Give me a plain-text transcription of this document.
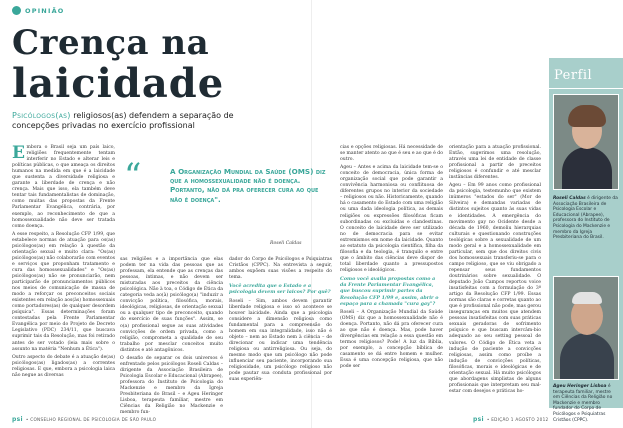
OPINIÃO
Crença na
laicidade
Psicólogos(as) religiosos(as) defendem a separação de concepções privadas no exercício profissional

Embora o Brasil seja um país laico, religiões frequentemente tentam interferir no Estado e alterar leis e políticas públicas, o que ameaça os direitos humanos na medida em que é a laicidade que sustenta a diversidade religiosa e garante a liberdade de crença e não crença. Mais que isso, ela também deve tentar tais fundamentalistas de dominação, como muitas das propostas da Frente Parlamentar Evangélica, contrária, por exemplo, ao reconhecimento de que a homossexualidade não deve ser tratada como doença.

A esse respeito, a Resolução CFP 1/99, que estabelece normas de atuação para os(as) psicólogos(as) em relação à questão da orientação sexual e muito clara: "Os(as) psicólogos(as) não colaborarão com eventos e serviços que proponham tratamento e cura das homossexualidades" e "Os(as) psicólogos(as) não se pronunciarão, nem participarão de pronunciamentos públicos nos meios de comunicação de massa de modo a reforçar os preconceitos sociais existentes em relação aos(às) homossexuais como portadores(as) de qualquer desordem psíquica". Essas determinações foram contestadas pela Frente Parlamentar Evangélica por meio do Projeto de Decreto Legislativo (PDC) 234/11, que buscava suprimir tais da Resolução, mas foi retirado antes de ser votado (leia mais sobre o assunto na matéria "Nenhum a Ética").

Outro aspecto do debate é a atuação de(as) psicólogos(as) ligados(as) a correntes religiosas. E que, embora a psicologia laica não negue as diversas

“	A Organização Mundial da Saúde (OMS) diz que a homossexualidade não é doença. Portanto, não dá pra oferecer cura ao que não é doença".
Roseli Caldas

sas religiões e a importância que elas podem ter na vida das pessoas que as professam, ela entende que as crenças das pessoas, íntimas, e não devem ser misturadas aos preceitos da ciência psicológica. Não à toa, o Código de Ética da categoria veda ao(à) psicólogo(a) "induzir a convicção política, filosófica, morais, ideológicas, religiosas, de orientação sexual ou a qualquer tipo de preconceito, quando do exercício de suas funções". Assim, se o(a) profissional segue as suas atividades convicções de ordem privada, como a religião, comprometa a qualidade de seu trabalho por mesclar conceitos muito distintos e até antagônicos.

O desafio de separar os dois universos é enfrentado pelos psicólogos Roseli Caldas – dirigente da Associação Brasileira de Psicologia Escolar e Educacional (Abrapee), professora do Instituto de Psicologia do Mackenzie e membro da Igreja Presbiteriana do Brasil – e Ageu Heringer Lisboa, terapeuta familiar, mestre em Ciências da Religião no Mackenzie e membro fun-

dador do Corpo de Psicólogos e Psiquiatras Cristãos (CPPC). Na entrevista a seguir, ambos expõem suas visões a respeito do tema.

Você acredita que o Estado e a psicologia devem ser laicos? Por quê?

Roseli – Sim, ambos devem garantir liberdade religiosa e isso só acontece se houver laicidade. Ainda que a psicologia considere a dimensão religiosa como fundamental para a compreensão do homem em sua integralidade, isso não é objeto – nem ao Estado nem à ciência – de direcionar ou indicar uma tendência religiosa ou antirreligiosa. Ou seja, do mesmo modo que um psicólogo não pode influenciar seu paciente, incorporando sua religiosidade, um psicólogo religioso não pode pautar sua conduta profissional por suas experiên-

cias e opções religiosas. Há necessidade de se manter atento ao que é seu e ao que é do outro.

Ageu – Antes e acima da laicidade tem-se o conceito de democracia, única forma de organização social que pode garantir a convivência harmoniosa ou conflituosa de diferentes grupos no interior da sociedade – religiosos ou não. Historicamente, quando há o casamento do Estado com uma religião ou uma dada ideologia política, as demais religiões ou expressões filosóficas ficam subordinadas ou excluídas e clandestinas. O conceito de laicidade deve ser utilizado no de democracia para se evitar extremismos em nome da laicidade. Quanto ao estatuto da psicologia científica, filha da filosofia e da teologia, é tranquilo e entre que o âmbito das ciências deve dispor de total liberdade quanto a pressupostos religiosos e ideológicos.

Como você avalia propostas como a da Frente Parlamentar Evangélica, que buscou suprimir partes da Resolução CFP 1/99 e, assim, abrir o espaço para a chamada "cura gay"?

Roseli – A Organização Mundial da Saúde (OMS) diz que a homossexualidade não é doença. Portanto, não dá pra oferecer cura ao que não é doença. Mas, pode haver divergências em relação a essa questão em termos religiosos? Pode! A luz da Bíblia, por exemplo, a concepção bíblica de casamento se dá entre homem e mulher. Essa é uma concepção religiosa, que não pode ser

orientação para a atuação profissional. Então, sugerimos uma resolução, através uma lei de entidade de classe profissional a partir de preceitos religiosos é confundir e até mesclar instâncias diferentes.

Ageu – Em 99 anos como profissional da psicologia, testemunho que existem inúmeros "estados do ser" (Mor de Silveira) e demandas variadas de distintos sujeitos quanto às suas vidas e identidades. A emergência do movimento gay no Ocidente desde a década de 1960, demoliu hierarquias culturais e questionando construções teológicas sobre a sexualidade de um modo geral e a homossexualidade em particular, sem que dos direitos civis dos homossexuais transferiu-se para o campo religioso, que se viu obrigado a repensar seus fundamentos doutrinários sobre sexualidade. O deputado João Campos reportou voice insatisfeitas com a formulação do 3º artigo da Resolução CFP 1/99. Essas normas são claras e corretas quanto ao que é profissional não pode, mas gerou inseguranças em muitos que atendem pessoas insatisfeitas com suas práticas sexuais geradoras de sofrimento psíquico e que buscam intercâm-bio adequado ao seu setting pessoal de valores. O Código de Ética veta a indução de paciente a convicções religiosas, assim como proíbe a indução de convicções políticas, filosóficas, morais e ideológicas e de orientação sexual. Há muito psicólogos que abordagens simplistas de alguns profissionais que interpretam seu mal-estar com desejos e práticas ho-

Perfil
Roseli Caldas é dirigente da Associação Brasileira de Psicologia Escolar e Educacional (Abrapee), professora do Instituto de Psicologia do Mackenzie e membro da Igreja Presbiteriana do Brasil.
Ageu Heringer Lisboa é terapeuta familiar, mestre em Ciências da Religião no Mackenzie e membro fundador do Corpo de Psicólogos e Psiquiatras Cristãos (CPPC).
psi • CONSELHO REGIONAL DE PSICOLOGIA DE SÃO PAULO	psi • EDIÇÃO 1 AGOSTO 2012
